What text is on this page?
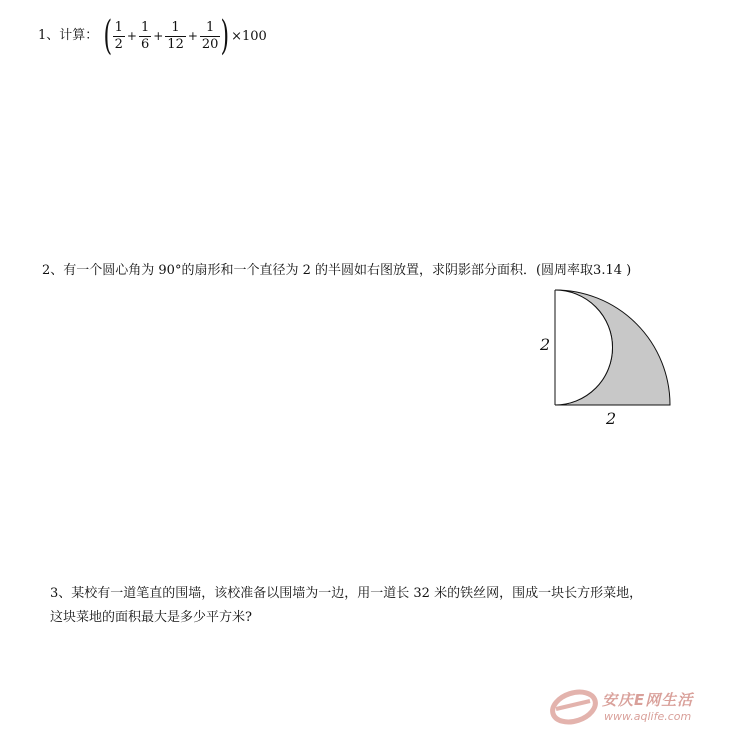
1、计算： ( $\frac{1}{2} + \frac{1}{6} + \frac{1}{12} + \frac{1}{20}$ ) ×100
2、有一个圆心角为 90°的扇形和一个直径为 2 的半圆如右图放置，求阴影部分面积．(圆周率取3.14 )
2
2
3、某校有一道笔直的围墙，该校准备以围墙为一边，用一道长 32 米的铁丝网，围成一块长方形菜地，
这块菜地的面积最大是多少平方米?
安庆E网生活
www.aqlife.com
